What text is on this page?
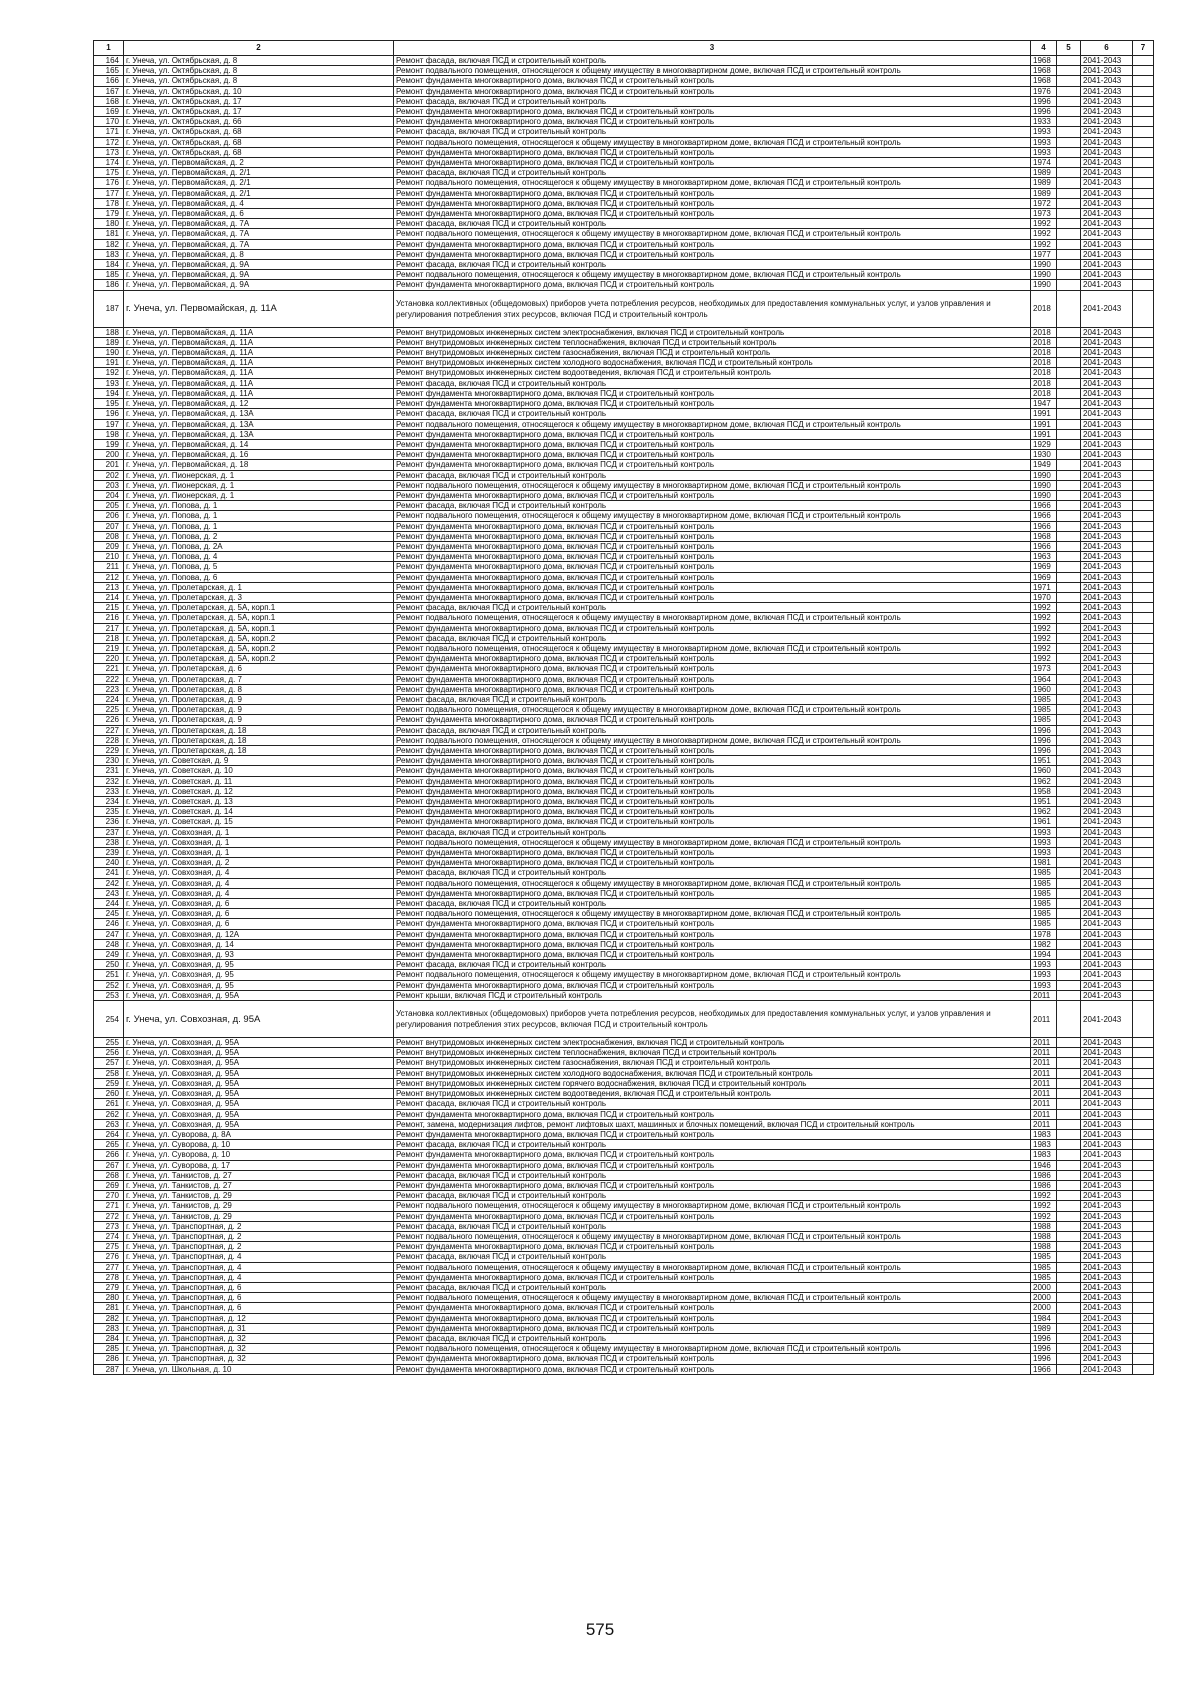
1	2	3	4	5	6	7
164	г. Унеча, ул. Октябрьская, д. 8	Ремонт фасада, включая ПСД и строительный контроль	1968		2041-2043	
165	г. Унеча, ул. Октябрьская, д. 8	Ремонт подвального помещения, относящегося к общему имуществу в многоквартирном доме, включая ПСД и строительный контроль	1968		2041-2043	
166	г. Унеча, ул. Октябрьская, д. 8	Ремонт фундамента многоквартирного дома, включая ПСД и строительный контроль	1968		2041-2043	
167	г. Унеча, ул. Октябрьская, д. 10	Ремонт фундамента многоквартирного дома, включая ПСД и строительный контроль	1976		2041-2043	
168	г. Унеча, ул. Октябрьская, д. 17	Ремонт фасада, включая ПСД и строительный контроль	1996		2041-2043	
169	г. Унеча, ул. Октябрьская, д. 17	Ремонт фундамента многоквартирного дома, включая ПСД и строительный контроль	1996		2041-2043	
170	г. Унеча, ул. Октябрьская, д. 66	Ремонт фундамента многоквартирного дома, включая ПСД и строительный контроль	1933		2041-2043	
171	г. Унеча, ул. Октябрьская, д. 68	Ремонт фасада, включая ПСД и строительный контроль	1993		2041-2043	
172	г. Унеча, ул. Октябрьская, д. 68	Ремонт подвального помещения, относящегося к общему имуществу в многоквартирном доме, включая ПСД и строительный контроль	1993		2041-2043	
173	г. Унеча, ул. Октябрьская, д. 68	Ремонт фундамента многоквартирного дома, включая ПСД и строительный контроль	1993		2041-2043	
174	г. Унеча, ул. Первомайская, д. 2	Ремонт фундамента многоквартирного дома, включая ПСД и строительный контроль	1974		2041-2043	
175	г. Унеча, ул. Первомайская, д. 2/1	Ремонт фасада, включая ПСД и строительный контроль	1989		2041-2043	
176	г. Унеча, ул. Первомайская, д. 2/1	Ремонт подвального помещения, относящегося к общему имуществу в многоквартирном доме, включая ПСД и строительный контроль	1989		2041-2043	
177	г. Унеча, ул. Первомайская, д. 2/1	Ремонт фундамента многоквартирного дома, включая ПСД и строительный контроль	1989		2041-2043	
178	г. Унеча, ул. Первомайская, д. 4	Ремонт фундамента многоквартирного дома, включая ПСД и строительный контроль	1972		2041-2043	
179	г. Унеча, ул. Первомайская, д. 6	Ремонт фундамента многоквартирного дома, включая ПСД и строительный контроль	1973		2041-2043	
180	г. Унеча, ул. Первомайская, д. 7А	Ремонт фасада, включая ПСД и строительный контроль	1992		2041-2043	
181	г. Унеча, ул. Первомайская, д. 7А	Ремонт подвального помещения, относящегося к общему имуществу в многоквартирном доме, включая ПСД и строительный контроль	1992		2041-2043	
182	г. Унеча, ул. Первомайская, д. 7А	Ремонт фундамента многоквартирного дома, включая ПСД и строительный контроль	1992		2041-2043	
183	г. Унеча, ул. Первомайская, д. 8	Ремонт фундамента многоквартирного дома, включая ПСД и строительный контроль	1977		2041-2043	
184	г. Унеча, ул. Первомайская, д. 9А	Ремонт фасада, включая ПСД и строительный контроль	1990		2041-2043	
185	г. Унеча, ул. Первомайская, д. 9А	Ремонт подвального помещения, относящегося к общему имуществу в многоквартирном доме, включая ПСД и строительный контроль	1990		2041-2043	
186	г. Унеча, ул. Первомайская, д. 9А	Ремонт фундамента многоквартирного дома, включая ПСД и строительный контроль	1990		2041-2043	
187	г. Унеча, ул. Первомайская, д. 11А	Установка коллективных (общедомовых) приборов учета потребления ресурсов, необходимых для предоставления коммунальных услуг, и узлов управления и регулирования потребления этих ресурсов, включая ПСД и строительный контроль	2018		2041-2043	
188	г. Унеча, ул. Первомайская, д. 11А	Ремонт внутридомовых инженерных систем электроснабжения, включая ПСД и строительный контроль	2018		2041-2043	
189	г. Унеча, ул. Первомайская, д. 11А	Ремонт внутридомовых инженерных систем теплоснабжения, включая ПСД и строительный контроль	2018		2041-2043	
190	г. Унеча, ул. Первомайская, д. 11А	Ремонт внутридомовых инженерных систем газоснабжения, включая ПСД и строительный контроль	2018		2041-2043	
191	г. Унеча, ул. Первомайская, д. 11А	Ремонт внутридомовых инженерных систем холодного водоснабжения, включая ПСД и строительный контроль	2018		2041-2043	
192	г. Унеча, ул. Первомайская, д. 11А	Ремонт внутридомовых инженерных систем водоотведения, включая ПСД и строительный контроль	2018		2041-2043	
193	г. Унеча, ул. Первомайская, д. 11А	Ремонт фасада, включая ПСД и строительный контроль	2018		2041-2043	
194	г. Унеча, ул. Первомайская, д. 11А	Ремонт фундамента многоквартирного дома, включая ПСД и строительный контроль	2018		2041-2043	
195	г. Унеча, ул. Первомайская, д. 12	Ремонт фундамента многоквартирного дома, включая ПСД и строительный контроль	1947		2041-2043	
196	г. Унеча, ул. Первомайская, д. 13А	Ремонт фасада, включая ПСД и строительный контроль	1991		2041-2043	
197	г. Унеча, ул. Первомайская, д. 13А	Ремонт подвального помещения, относящегося к общему имуществу в многоквартирном доме, включая ПСД и строительный контроль	1991		2041-2043	
198	г. Унеча, ул. Первомайская, д. 13А	Ремонт фундамента многоквартирного дома, включая ПСД и строительный контроль	1991		2041-2043	
199	г. Унеча, ул. Первомайская, д. 14	Ремонт фундамента многоквартирного дома, включая ПСД и строительный контроль	1929		2041-2043	
200	г. Унеча, ул. Первомайская, д. 16	Ремонт фундамента многоквартирного дома, включая ПСД и строительный контроль	1930		2041-2043	
201	г. Унеча, ул. Первомайская, д. 18	Ремонт фундамента многоквартирного дома, включая ПСД и строительный контроль	1949		2041-2043	
202	г. Унеча, ул. Пионерская, д. 1	Ремонт фасада, включая ПСД и строительный контроль	1990		2041-2043	
203	г. Унеча, ул. Пионерская, д. 1	Ремонт подвального помещения, относящегося к общему имуществу в многоквартирном доме, включая ПСД и строительный контроль	1990		2041-2043	
204	г. Унеча, ул. Пионерская, д. 1	Ремонт фундамента многоквартирного дома, включая ПСД и строительный контроль	1990		2041-2043	
205	г. Унеча, ул. Попова, д. 1	Ремонт фасада, включая ПСД и строительный контроль	1966		2041-2043	
206	г. Унеча, ул. Попова, д. 1	Ремонт подвального помещения, относящегося к общему имуществу в многоквартирном доме, включая ПСД и строительный контроль	1966		2041-2043	
207	г. Унеча, ул. Попова, д. 1	Ремонт фундамента многоквартирного дома, включая ПСД и строительный контроль	1966		2041-2043	
208	г. Унеча, ул. Попова, д. 2	Ремонт фундамента многоквартирного дома, включая ПСД и строительный контроль	1968		2041-2043	
209	г. Унеча, ул. Попова, д. 2А	Ремонт фундамента многоквартирного дома, включая ПСД и строительный контроль	1966		2041-2043	
210	г. Унеча, ул. Попова, д. 4	Ремонт фундамента многоквартирного дома, включая ПСД и строительный контроль	1963		2041-2043	
211	г. Унеча, ул. Попова, д. 5	Ремонт фундамента многоквартирного дома, включая ПСД и строительный контроль	1969		2041-2043	
212	г. Унеча, ул. Попова, д. 6	Ремонт фундамента многоквартирного дома, включая ПСД и строительный контроль	1969		2041-2043	
213	г. Унеча, ул. Пролетарская, д. 1	Ремонт фундамента многоквартирного дома, включая ПСД и строительный контроль	1971		2041-2043	
214	г. Унеча, ул. Пролетарская, д. 3	Ремонт фундамента многоквартирного дома, включая ПСД и строительный контроль	1970		2041-2043	
215	г. Унеча, ул. Пролетарская, д. 5А, корп.1	Ремонт фасада, включая ПСД и строительный контроль	1992		2041-2043	
216	г. Унеча, ул. Пролетарская, д. 5А, корп.1	Ремонт подвального помещения, относящегося к общему имуществу в многоквартирном доме, включая ПСД и строительный контроль	1992		2041-2043	
217	г. Унеча, ул. Пролетарская, д. 5А, корп.1	Ремонт фундамента многоквартирного дома, включая ПСД и строительный контроль	1992		2041-2043	
218	г. Унеча, ул. Пролетарская, д. 5А, корп.2	Ремонт фасада, включая ПСД и строительный контроль	1992		2041-2043	
219	г. Унеча, ул. Пролетарская, д. 5А, корп.2	Ремонт подвального помещения, относящегося к общему имуществу в многоквартирном доме, включая ПСД и строительный контроль	1992		2041-2043	
220	г. Унеча, ул. Пролетарская, д. 5А, корп.2	Ремонт фундамента многоквартирного дома, включая ПСД и строительный контроль	1992		2041-2043	
221	г. Унеча, ул. Пролетарская, д. 6	Ремонт фундамента многоквартирного дома, включая ПСД и строительный контроль	1973		2041-2043	
222	г. Унеча, ул. Пролетарская, д. 7	Ремонт фундамента многоквартирного дома, включая ПСД и строительный контроль	1964		2041-2043	
223	г. Унеча, ул. Пролетарская, д. 8	Ремонт фундамента многоквартирного дома, включая ПСД и строительный контроль	1960		2041-2043	
224	г. Унеча, ул. Пролетарская, д. 9	Ремонт фасада, включая ПСД и строительный контроль	1985		2041-2043	
225	г. Унеча, ул. Пролетарская, д. 9	Ремонт подвального помещения, относящегося к общему имуществу в многоквартирном доме, включая ПСД и строительный контроль	1985		2041-2043	
226	г. Унеча, ул. Пролетарская, д. 9	Ремонт фундамента многоквартирного дома, включая ПСД и строительный контроль	1985		2041-2043	
227	г. Унеча, ул. Пролетарская, д. 18	Ремонт фасада, включая ПСД и строительный контроль	1996		2041-2043	
228	г. Унеча, ул. Пролетарская, д. 18	Ремонт подвального помещения, относящегося к общему имуществу в многоквартирном доме, включая ПСД и строительный контроль	1996		2041-2043	
229	г. Унеча, ул. Пролетарская, д. 18	Ремонт фундамента многоквартирного дома, включая ПСД и строительный контроль	1996		2041-2043	
230	г. Унеча, ул. Советская, д. 9	Ремонт фундамента многоквартирного дома, включая ПСД и строительный контроль	1951		2041-2043	
231	г. Унеча, ул. Советская, д. 10	Ремонт фундамента многоквартирного дома, включая ПСД и строительный контроль	1960		2041-2043	
232	г. Унеча, ул. Советская, д. 11	Ремонт фундамента многоквартирного дома, включая ПСД и строительный контроль	1962		2041-2043	
233	г. Унеча, ул. Советская, д. 12	Ремонт фундамента многоквартирного дома, включая ПСД и строительный контроль	1958		2041-2043	
234	г. Унеча, ул. Советская, д. 13	Ремонт фундамента многоквартирного дома, включая ПСД и строительный контроль	1951		2041-2043	
235	г. Унеча, ул. Советская, д. 14	Ремонт фундамента многоквартирного дома, включая ПСД и строительный контроль	1962		2041-2043	
236	г. Унеча, ул. Советская, д. 15	Ремонт фундамента многоквартирного дома, включая ПСД и строительный контроль	1961		2041-2043	
237	г. Унеча, ул. Совхозная, д. 1	Ремонт фасада, включая ПСД и строительный контроль	1993		2041-2043	
238	г. Унеча, ул. Совхозная, д. 1	Ремонт подвального помещения, относящегося к общему имуществу в многоквартирном доме, включая ПСД и строительный контроль	1993		2041-2043	
239	г. Унеча, ул. Совхозная, д. 1	Ремонт фундамента многоквартирного дома, включая ПСД и строительный контроль	1993		2041-2043	
240	г. Унеча, ул. Совхозная, д. 2	Ремонт фундамента многоквартирного дома, включая ПСД и строительный контроль	1981		2041-2043	
241	г. Унеча, ул. Совхозная, д. 4	Ремонт фасада, включая ПСД и строительный контроль	1985		2041-2043	
242	г. Унеча, ул. Совхозная, д. 4	Ремонт подвального помещения, относящегося к общему имуществу в многоквартирном доме, включая ПСД и строительный контроль	1985		2041-2043	
243	г. Унеча, ул. Совхозная, д. 4	Ремонт фундамента многоквартирного дома, включая ПСД и строительный контроль	1985		2041-2043	
244	г. Унеча, ул. Совхозная, д. 6	Ремонт фасада, включая ПСД и строительный контроль	1985		2041-2043	
245	г. Унеча, ул. Совхозная, д. 6	Ремонт подвального помещения, относящегося к общему имуществу в многоквартирном доме, включая ПСД и строительный контроль	1985		2041-2043	
246	г. Унеча, ул. Совхозная, д. 6	Ремонт фундамента многоквартирного дома, включая ПСД и строительный контроль	1985		2041-2043	
247	г. Унеча, ул. Совхозная, д. 12А	Ремонт фундамента многоквартирного дома, включая ПСД и строительный контроль	1978		2041-2043	
248	г. Унеча, ул. Совхозная, д. 14	Ремонт фундамента многоквартирного дома, включая ПСД и строительный контроль	1982		2041-2043	
249	г. Унеча, ул. Совхозная, д. 93	Ремонт фундамента многоквартирного дома, включая ПСД и строительный контроль	1994		2041-2043	
250	г. Унеча, ул. Совхозная, д. 95	Ремонт фасада, включая ПСД и строительный контроль	1993		2041-2043	
251	г. Унеча, ул. Совхозная, д. 95	Ремонт подвального помещения, относящегося к общему имуществу в многоквартирном доме, включая ПСД и строительный контроль	1993		2041-2043	
252	г. Унеча, ул. Совхозная, д. 95	Ремонт фундамента многоквартирного дома, включая ПСД и строительный контроль	1993		2041-2043	
253	г. Унеча, ул. Совхозная, д. 95А	Ремонт крыши, включая ПСД и строительный контроль	2011		2041-2043	
254	г. Унеча, ул. Совхозная, д. 95А	Установка коллективных (общедомовых) приборов учета потребления ресурсов, необходимых для предоставления коммунальных услуг, и узлов управления и регулирования потребления этих ресурсов, включая ПСД и строительный контроль	2011		2041-2043	
255	г. Унеча, ул. Совхозная, д. 95А	Ремонт внутридомовых инженерных систем электроснабжения, включая ПСД и строительный контроль	2011		2041-2043	
256	г. Унеча, ул. Совхозная, д. 95А	Ремонт внутридомовых инженерных систем теплоснабжения, включая ПСД и строительный контроль	2011		2041-2043	
257	г. Унеча, ул. Совхозная, д. 95А	Ремонт внутридомовых инженерных систем газоснабжения, включая ПСД и строительный контроль	2011		2041-2043	
258	г. Унеча, ул. Совхозная, д. 95А	Ремонт внутридомовых инженерных систем холодного водоснабжения, включая ПСД и строительный контроль	2011		2041-2043	
259	г. Унеча, ул. Совхозная, д. 95А	Ремонт внутридомовых инженерных систем горячего водоснабжения, включая ПСД и строительный контроль	2011		2041-2043	
260	г. Унеча, ул. Совхозная, д. 95А	Ремонт внутридомовых инженерных систем водоотведения, включая ПСД и строительный контроль	2011		2041-2043	
261	г. Унеча, ул. Совхозная, д. 95А	Ремонт фасада, включая ПСД и строительный контроль	2011		2041-2043	
262	г. Унеча, ул. Совхозная, д. 95А	Ремонт фундамента многоквартирного дома, включая ПСД и строительный контроль	2011		2041-2043	
263	г. Унеча, ул. Совхозная, д. 95А	Ремонт, замена, модернизация лифтов, ремонт лифтовых шахт, машинных и блочных помещений, включая ПСД и строительный контроль	2011		2041-2043	
264	г. Унеча, ул. Суворова, д. 8А	Ремонт фундамента многоквартирного дома, включая ПСД и строительный контроль	1983		2041-2043	
265	г. Унеча, ул. Суворова, д. 10	Ремонт фасада, включая ПСД и строительный контроль	1983		2041-2043	
266	г. Унеча, ул. Суворова, д. 10	Ремонт фундамента многоквартирного дома, включая ПСД и строительный контроль	1983		2041-2043	
267	г. Унеча, ул. Суворова, д. 17	Ремонт фундамента многоквартирного дома, включая ПСД и строительный контроль	1946		2041-2043	
268	г. Унеча, ул. Танкистов, д. 27	Ремонт фасада, включая ПСД и строительный контроль	1986		2041-2043	
269	г. Унеча, ул. Танкистов, д. 27	Ремонт фундамента многоквартирного дома, включая ПСД и строительный контроль	1986		2041-2043	
270	г. Унеча, ул. Танкистов, д. 29	Ремонт фасада, включая ПСД и строительный контроль	1992		2041-2043	
271	г. Унеча, ул. Танкистов, д. 29	Ремонт подвального помещения, относящегося к общему имуществу в многоквартирном доме, включая ПСД и строительный контроль	1992		2041-2043	
272	г. Унеча, ул. Танкистов, д. 29	Ремонт фундамента многоквартирного дома, включая ПСД и строительный контроль	1992		2041-2043	
273	г. Унеча, ул. Транспортная, д. 2	Ремонт фасада, включая ПСД и строительный контроль	1988		2041-2043	
274	г. Унеча, ул. Транспортная, д. 2	Ремонт подвального помещения, относящегося к общему имуществу в многоквартирном доме, включая ПСД и строительный контроль	1988		2041-2043	
275	г. Унеча, ул. Транспортная, д. 2	Ремонт фундамента многоквартирного дома, включая ПСД и строительный контроль	1988		2041-2043	
276	г. Унеча, ул. Транспортная, д. 4	Ремонт фасада, включая ПСД и строительный контроль	1985		2041-2043	
277	г. Унеча, ул. Транспортная, д. 4	Ремонт подвального помещения, относящегося к общему имуществу в многоквартирном доме, включая ПСД и строительный контроль	1985		2041-2043	
278	г. Унеча, ул. Транспортная, д. 4	Ремонт фундамента многоквартирного дома, включая ПСД и строительный контроль	1985		2041-2043	
279	г. Унеча, ул. Транспортная, д. 6	Ремонт фасада, включая ПСД и строительный контроль	2000		2041-2043	
280	г. Унеча, ул. Транспортная, д. 6	Ремонт подвального помещения, относящегося к общему имуществу в многоквартирном доме, включая ПСД и строительный контроль	2000		2041-2043	
281	г. Унеча, ул. Транспортная, д. 6	Ремонт фундамента многоквартирного дома, включая ПСД и строительный контроль	2000		2041-2043	
282	г. Унеча, ул. Транспортная, д. 12	Ремонт фундамента многоквартирного дома, включая ПСД и строительный контроль	1984		2041-2043	
283	г. Унеча, ул. Транспортная, д. 31	Ремонт фундамента многоквартирного дома, включая ПСД и строительный контроль	1989		2041-2043	
284	г. Унеча, ул. Транспортная, д. 32	Ремонт фасада, включая ПСД и строительный контроль	1996		2041-2043	
285	г. Унеча, ул. Транспортная, д. 32	Ремонт подвального помещения, относящегося к общему имуществу в многоквартирном доме, включая ПСД и строительный контроль	1996		2041-2043	
286	г. Унеча, ул. Транспортная, д. 32	Ремонт фундамента многоквартирного дома, включая ПСД и строительный контроль	1996		2041-2043	
287	г. Унеча, ул. Школьная, д. 10	Ремонт фундамента многоквартирного дома, включая ПСД и строительный контроль	1966		2041-2043	
575
